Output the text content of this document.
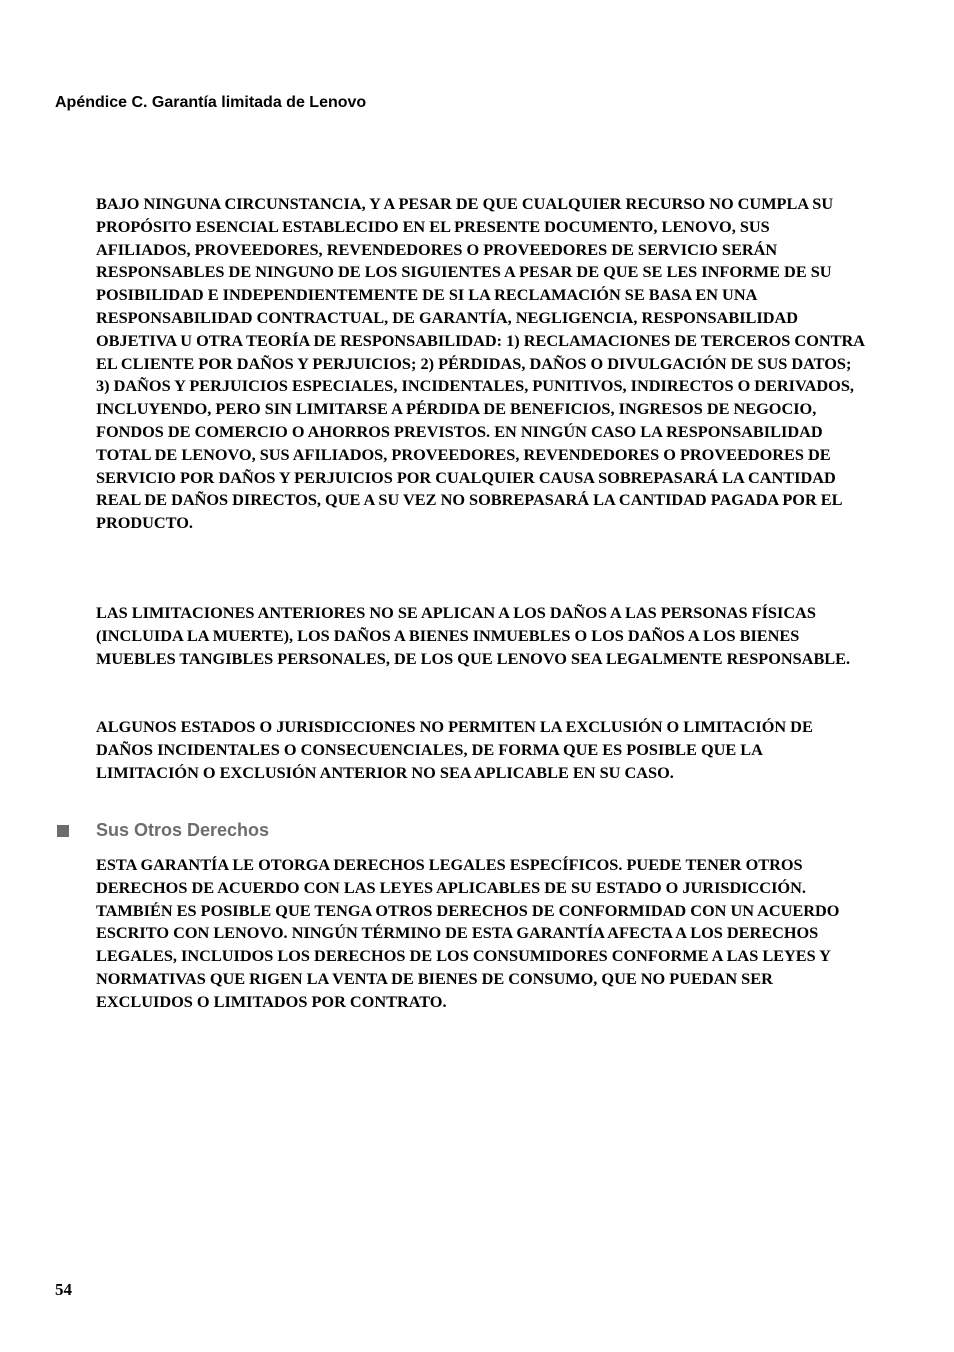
Apéndice C. Garantía limitada de Lenovo

BAJO NINGUNA CIRCUNSTANCIA, Y A PESAR DE QUE CUALQUIER RECURSO NO CUMPLA SU PROPÓSITO ESENCIAL ESTABLECIDO EN EL PRESENTE DOCUMENTO, LENOVO, SUS AFILIADOS, PROVEEDORES, REVENDEDORES O PROVEEDORES DE SERVICIO SERÁN RESPONSABLES DE NINGUNO DE LOS SIGUIENTES A PESAR DE QUE SE LES INFORME DE SU POSIBILIDAD E INDEPENDIENTEMENTE DE SI LA RECLAMACIÓN SE BASA EN UNA RESPONSABILIDAD CONTRACTUAL, DE GARANTÍA, NEGLIGENCIA, RESPONSABILIDAD OBJETIVA U OTRA TEORÍA DE RESPONSABILIDAD: 1) RECLAMACIONES DE TERCEROS CONTRA EL CLIENTE POR DAÑOS Y PERJUICIOS; 2) PÉRDIDAS, DAÑOS O DIVULGACIÓN DE SUS DATOS; 3) DAÑOS Y PERJUICIOS ESPECIALES, INCIDENTALES, PUNITIVOS, INDIRECTOS O DERIVADOS, INCLUYENDO, PERO SIN LIMITARSE A PÉRDIDA DE BENEFICIOS, INGRESOS DE NEGOCIO, FONDOS DE COMERCIO O AHORROS PREVISTOS. EN NINGÚN CASO LA RESPONSABILIDAD TOTAL DE LENOVO, SUS AFILIADOS, PROVEEDORES, REVENDEDORES O PROVEEDORES DE SERVICIO POR DAÑOS Y PERJUICIOS POR CUALQUIER CAUSA SOBREPASARÁ LA CANTIDAD REAL DE DAÑOS DIRECTOS, QUE A SU VEZ NO SOBREPASARÁ LA CANTIDAD PAGADA POR EL PRODUCTO.

LAS LIMITACIONES ANTERIORES NO SE APLICAN A LOS DAÑOS A LAS PERSONAS FÍSICAS (INCLUIDA LA MUERTE), LOS DAÑOS A BIENES INMUEBLES O LOS DAÑOS A LOS BIENES MUEBLES TANGIBLES PERSONALES, DE LOS QUE LENOVO SEA LEGALMENTE RESPONSABLE.

ALGUNOS ESTADOS O JURISDICCIONES NO PERMITEN LA EXCLUSIÓN O LIMITACIÓN DE DAÑOS INCIDENTALES O CONSECUENCIALES, DE FORMA QUE ES POSIBLE QUE LA LIMITACIÓN O EXCLUSIÓN ANTERIOR NO SEA APLICABLE EN SU CASO.

Sus Otros Derechos

ESTA GARANTÍA LE OTORGA DERECHOS LEGALES ESPECÍFICOS. PUEDE TENER OTROS DERECHOS DE ACUERDO CON LAS LEYES APLICABLES DE SU ESTADO O JURISDICCIÓN. TAMBIÉN ES POSIBLE QUE TENGA OTROS DERECHOS DE CONFORMIDAD CON UN ACUERDO ESCRITO CON LENOVO. NINGÚN TÉRMINO DE ESTA GARANTÍA AFECTA A LOS DERECHOS LEGALES, INCLUIDOS LOS DERECHOS DE LOS CONSUMIDORES CONFORME A LAS LEYES Y NORMATIVAS QUE RIGEN LA VENTA DE BIENES DE CONSUMO, QUE NO PUEDAN SER EXCLUIDOS O LIMITADOS POR CONTRATO.

54
